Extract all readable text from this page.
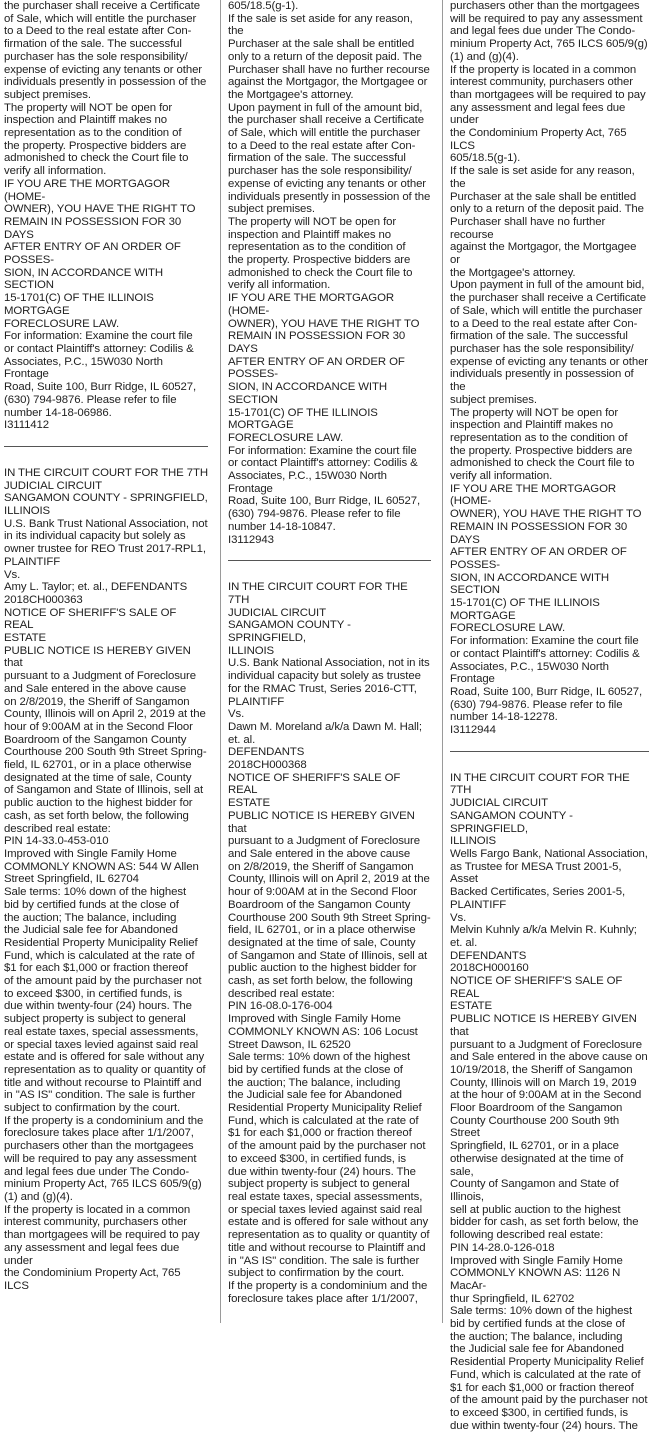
the purchaser shall receive a Certificate
of Sale, which will entitle the purchaser
to a Deed to the real estate after Con-
firmation of the sale. The successful
purchaser has the sole responsibility/
expense of evicting any tenants or other
individuals presently in possession of the
subject premises.

The property will NOT be open for
inspection and Plaintiff makes no
representation as to the condition of
the property. Prospective bidders are
admonished to check the Court file to
verify all information.

IF YOU ARE THE MORTGAGOR (HOME-
OWNER), YOU HAVE THE RIGHT TO
REMAIN IN POSSESSION FOR 30 DAYS
AFTER ENTRY OF AN ORDER OF POSSES-
SION, IN ACCORDANCE WITH SECTION
15-1701(C) OF THE ILLINOIS MORTGAGE
FORECLOSURE LAW.

For information: Examine the court file
or contact Plaintiff's attorney: Codilis &
Associates, P.C., 15W030 North Frontage
Road, Suite 100, Burr Ridge, IL 60527,
(630) 794-9876. Please refer to file
number 14-18-06986.

I3111412

IN THE CIRCUIT COURT FOR THE 7TH
JUDICIAL CIRCUIT

SANGAMON COUNTY - SPRINGFIELD,
ILLINOIS

U.S. Bank Trust National Association, not
in its individual capacity but solely as
owner trustee for REO Trust 2017-RPL1,
PLAINTIFF

Vs.

Amy L. Taylor; et. al., DEFENDANTS

2018CH000363

NOTICE OF SHERIFF'S SALE OF REAL
ESTATE

PUBLIC NOTICE IS HEREBY GIVEN that
pursuant to a Judgment of Foreclosure
and Sale entered in the above cause
on 2/8/2019, the Sheriff of Sangamon
County, Illinois will on April 2, 2019 at the
hour of 9:00AM at in the Second Floor
Boardroom of the Sangamon County
Courthouse 200 South 9th Street Spring-
field, IL 62701, or in a place otherwise
designated at the time of sale, County
of Sangamon and State of Illinois, sell at
public auction to the highest bidder for
cash, as set forth below, the following
described real estate:

PIN 14-33.0-453-010

Improved with Single Family Home

COMMONLY KNOWN AS: 544 W Allen
Street Springfield, IL 62704

Sale terms: 10% down of the highest
bid by certified funds at the close of
the auction; The balance, including
the Judicial sale fee for Abandoned
Residential Property Municipality Relief
Fund, which is calculated at the rate of
$1 for each $1,000 or fraction thereof
of the amount paid by the purchaser not
to exceed $300, in certified funds, is
due within twenty-four (24) hours. The
subject property is subject to general
real estate taxes, special assessments,
or special taxes levied against said real
estate and is offered for sale without any
representation as to quality or quantity of
title and without recourse to Plaintiff and
in "AS IS" condition. The sale is further
subject to confirmation by the court.

If the property is a condominium and the
foreclosure takes place after 1/1/2007,
purchasers other than the mortgagees
will be required to pay any assessment
and legal fees due under The Condo-
minium Property Act, 765 ILCS 605/9(g)
(1) and (g)(4).

If the property is located in a common
interest community, purchasers other
than mortgagees will be required to pay
any assessment and legal fees due under
the Condominium Property Act, 765 ILCS

605/18.5(g-1).

If the sale is set aside for any reason, the
Purchaser at the sale shall be entitled
only to a return of the deposit paid. The
Purchaser shall have no further recourse
against the Mortgagor, the Mortgagee or
the Mortgagee's attorney.

Upon payment in full of the amount bid,
the purchaser shall receive a Certificate
of Sale, which will entitle the purchaser
to a Deed to the real estate after Con-
firmation of the sale. The successful
purchaser has the sole responsibility/
expense of evicting any tenants or other
individuals presently in possession of the
subject premises.

The property will NOT be open for
inspection and Plaintiff makes no
representation as to the condition of
the property. Prospective bidders are
admonished to check the Court file to
verify all information.

IF YOU ARE THE MORTGAGOR (HOME-
OWNER), YOU HAVE THE RIGHT TO
REMAIN IN POSSESSION FOR 30 DAYS
AFTER ENTRY OF AN ORDER OF POSSES-
SION, IN ACCORDANCE WITH SECTION
15-1701(C) OF THE ILLINOIS MORTGAGE
FORECLOSURE LAW.

For information: Examine the court file
or contact Plaintiff's attorney: Codilis &
Associates, P.C., 15W030 North Frontage
Road, Suite 100, Burr Ridge, IL 60527,
(630) 794-9876. Please refer to file
number 14-18-10847.

I3112943

IN THE CIRCUIT COURT FOR THE 7TH
JUDICIAL CIRCUIT

SANGAMON COUNTY - SPRINGFIELD,
ILLINOIS

U.S. Bank National Association, not in its
individual capacity but solely as trustee
for the RMAC Trust, Series 2016-CTT,
PLAINTIFF

Vs.

Dawn M. Moreland a/k/a Dawn M. Hall;
et. al.

DEFENDANTS

2018CH000368

NOTICE OF SHERIFF'S SALE OF REAL
ESTATE

PUBLIC NOTICE IS HEREBY GIVEN that
pursuant to a Judgment of Foreclosure
and Sale entered in the above cause
on 2/8/2019, the Sheriff of Sangamon
County, Illinois will on April 2, 2019 at the
hour of 9:00AM at in the Second Floor
Boardroom of the Sangamon County
Courthouse 200 South 9th Street Spring-
field, IL 62701, or in a place otherwise
designated at the time of sale, County
of Sangamon and State of Illinois, sell at
public auction to the highest bidder for
cash, as set forth below, the following
described real estate:

PIN 16-08.0-176-004

Improved with Single Family Home

COMMONLY KNOWN AS: 106 Locust
Street Dawson, IL 62520

Sale terms: 10% down of the highest
bid by certified funds at the close of
the auction; The balance, including
the Judicial sale fee for Abandoned
Residential Property Municipality Relief
Fund, which is calculated at the rate of
$1 for each $1,000 or fraction thereof
of the amount paid by the purchaser not
to exceed $300, in certified funds, is
due within twenty-four (24) hours. The
subject property is subject to general
real estate taxes, special assessments,
or special taxes levied against said real
estate and is offered for sale without any
representation as to quality or quantity of
title and without recourse to Plaintiff and
in "AS IS" condition. The sale is further
subject to confirmation by the court.

If the property is a condominium and the
foreclosure takes place after 1/1/2007,

purchasers other than the mortgagees
will be required to pay any assessment
and legal fees due under The Condo-
minium Property Act, 765 ILCS 605/9(g)
(1) and (g)(4).

If the property is located in a common
interest community, purchasers other
than mortgagees will be required to pay
any assessment and legal fees due under
the Condominium Property Act, 765 ILCS
605/18.5(g-1).

If the sale is set aside for any reason, the
Purchaser at the sale shall be entitled
only to a return of the deposit paid. The
Purchaser shall have no further recourse
against the Mortgagor, the Mortgagee or
the Mortgagee's attorney.

Upon payment in full of the amount bid,
the purchaser shall receive a Certificate
of Sale, which will entitle the purchaser
to a Deed to the real estate after Con-
firmation of the sale. The successful
purchaser has the sole responsibility/
expense of evicting any tenants or other
individuals presently in possession of the
subject premises.

The property will NOT be open for
inspection and Plaintiff makes no
representation as to the condition of
the property. Prospective bidders are
admonished to check the Court file to
verify all information.

IF YOU ARE THE MORTGAGOR (HOME-
OWNER), YOU HAVE THE RIGHT TO
REMAIN IN POSSESSION FOR 30 DAYS
AFTER ENTRY OF AN ORDER OF POSSES-
SION, IN ACCORDANCE WITH SECTION
15-1701(C) OF THE ILLINOIS MORTGAGE
FORECLOSURE LAW.

For information: Examine the court file
or contact Plaintiff's attorney: Codilis &
Associates, P.C., 15W030 North Frontage
Road, Suite 100, Burr Ridge, IL 60527,
(630) 794-9876. Please refer to file
number 14-18-12278.

I3112944

IN THE CIRCUIT COURT FOR THE 7TH
JUDICIAL CIRCUIT

SANGAMON COUNTY - SPRINGFIELD,
ILLINOIS

Wells Fargo Bank, National Association,
as Trustee for MESA Trust 2001-5, Asset
Backed Certificates, Series 2001-5,
PLAINTIFF

Vs.

Melvin Kuhnly a/k/a Melvin R. Kuhnly;
et. al.

DEFENDANTS

2018CH000160

NOTICE OF SHERIFF'S SALE OF REAL
ESTATE

PUBLIC NOTICE IS HEREBY GIVEN that
pursuant to a Judgment of Foreclosure
and Sale entered in the above cause on
10/19/2018, the Sheriff of Sangamon
County, Illinois will on March 19, 2019
at the hour of 9:00AM at in the Second
Floor Boardroom of the Sangamon
County Courthouse 200 South 9th Street
Springfield, IL 62701, or in a place
otherwise designated at the time of sale,
County of Sangamon and State of Illinois,
sell at public auction to the highest
bidder for cash, as set forth below, the
following described real estate:

PIN 14-28.0-126-018

Improved with Single Family Home

COMMONLY KNOWN AS: 1126 N MacAr-
thur Springfield, IL 62702

Sale terms: 10% down of the highest
bid by certified funds at the close of
the auction; The balance, including
the Judicial sale fee for Abandoned
Residential Property Municipality Relief
Fund, which is calculated at the rate of
$1 for each $1,000 or fraction thereof
of the amount paid by the purchaser not
to exceed $300, in certified funds, is
due within twenty-four (24) hours. The
